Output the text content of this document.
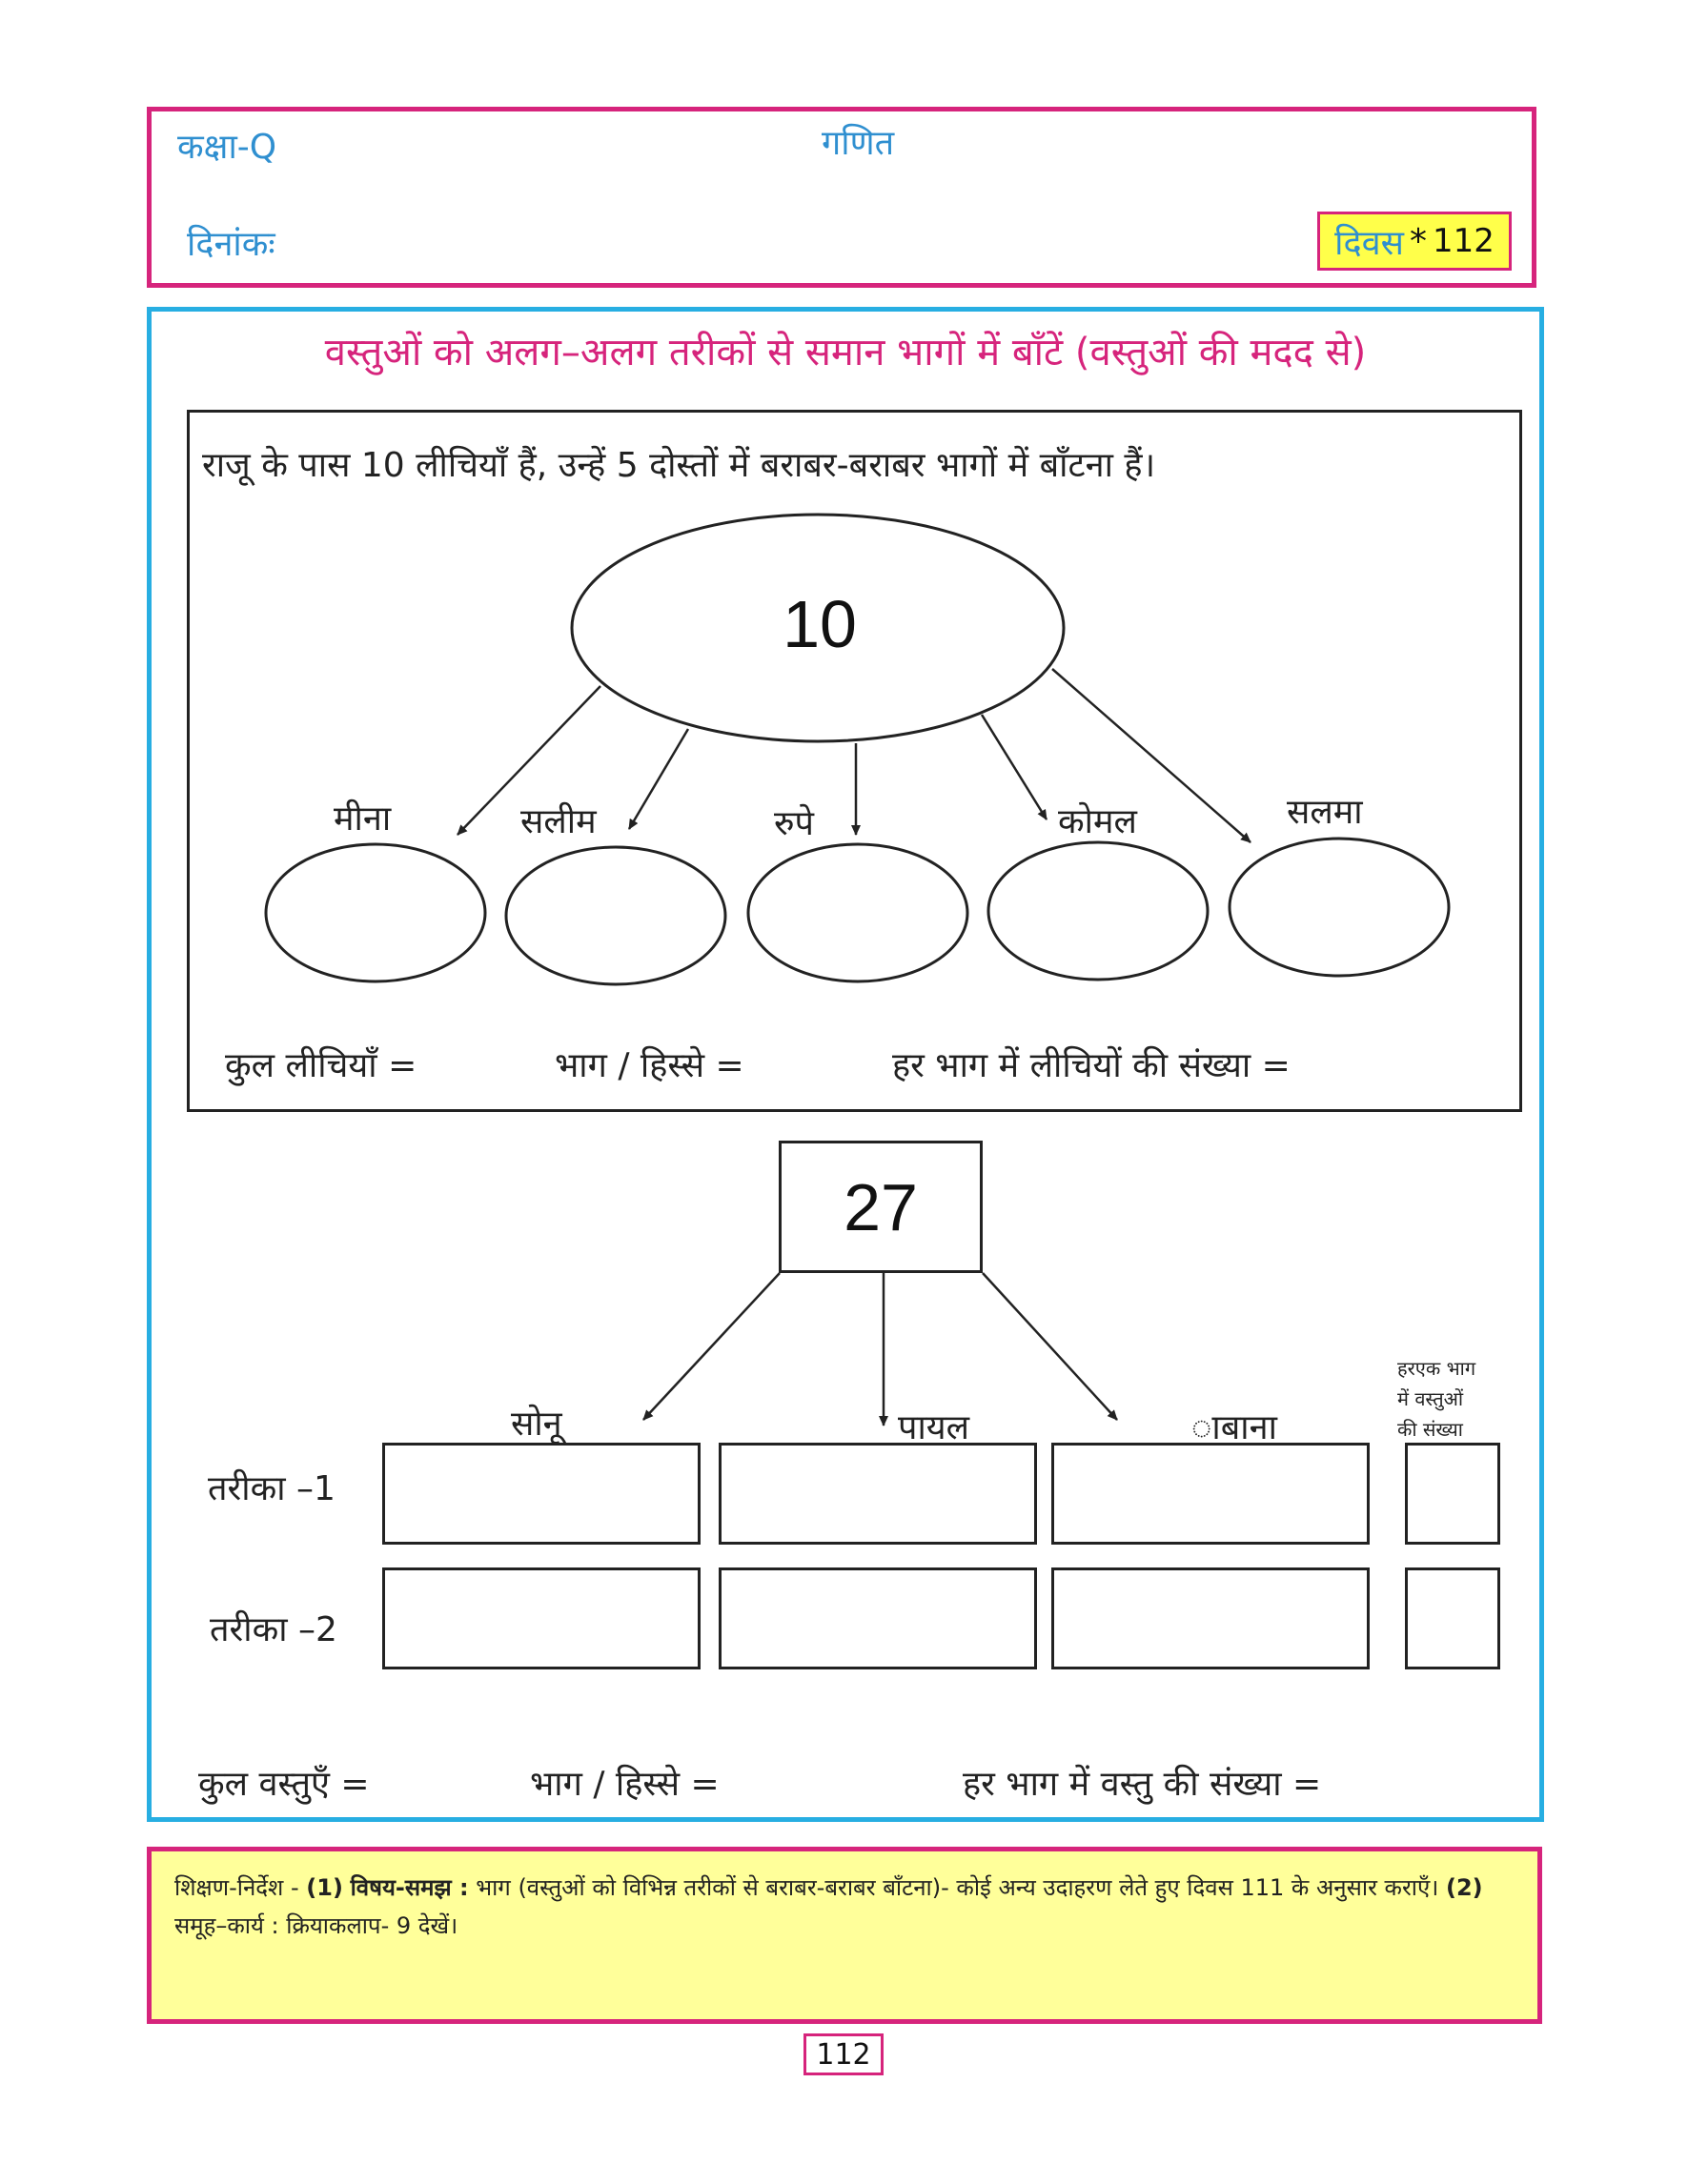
कक्षा-Q	गणित
दिनांकः	दिवस * 112
वस्तुओं को अलग–अलग तरीकों से समान भागों में बाँटें (वस्तुओं की मदद से)
राजू के पास 10 लीचियाँ हैं, उन्हें 5 दोस्तों में बराबर-बराबर भागों में बाँटना हैं।
10
मीना	सलीम	रुपे	कोमल	सलमा
कुल लीचियाँ =	भाग / हिस्से =	हर भाग में लीचियों की संख्या =
27
सोनू	पायल	ाबाना
हरएक भाग
में वस्तुओं
की संख्या
तरीका –1
तरीका –2
कुल वस्तुएँ =	भाग / हिस्से =	हर भाग में वस्तु की संख्या =
शिक्षण-निर्देश - (1) विषय-समझ : भाग (वस्तुओं को विभिन्न तरीकों से बराबर-बराबर बाँटना)- कोई अन्य उदाहरण लेते हुए दिवस 111 के अनुसार कराएँ। (2) समूह–कार्य : क्रियाकलाप- 9 देखें।
112
